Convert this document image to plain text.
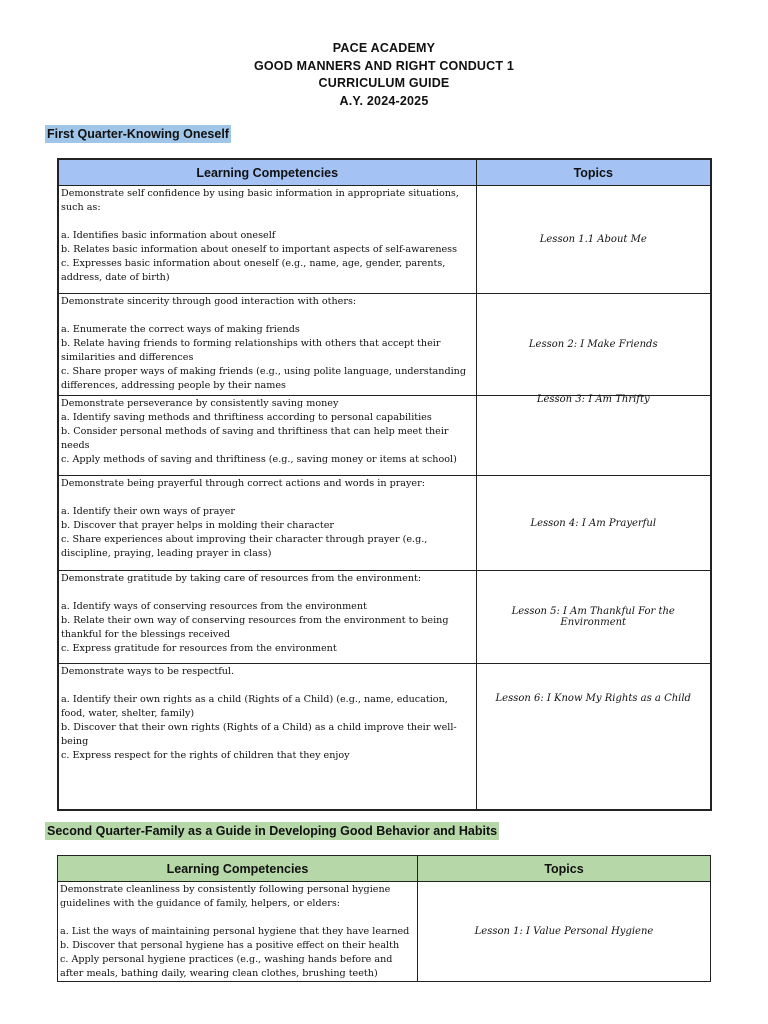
PACE ACADEMY
GOOD MANNERS AND RIGHT CONDUCT 1
CURRICULUM GUIDE
A.Y. 2024-2025
First Quarter-Knowing Oneself
Learning Competencies	Topics

Demonstrate self confidence by using basic information in appropriate situations, such as:
a. Identifies basic information about oneself
b. Relates basic information about oneself to important aspects of self-awareness
c. Expresses basic information about oneself (e.g., name, age, gender, parents, address, date of birth)	Lesson 1.1 About Me

Demonstrate sincerity through good interaction with others:
a. Enumerate the correct ways of making friends
b. Relate having friends to forming relationships with others that accept their similarities and differences
c. Share proper ways of making friends (e.g., using polite language, understanding differences, addressing people by their names	Lesson 2: I Make Friends

Demonstrate perseverance by consistently saving money
a. Identify saving methods and thriftiness according to personal capabilities
b. Consider personal methods of saving and thriftiness that can help meet their needs
c. Apply methods of saving and thriftiness (e.g., saving money or items at school)	Lesson 3: I Am Thrifty

Demonstrate being prayerful through correct actions and words in prayer:
a. Identify their own ways of prayer
b. Discover that prayer helps in molding their character
c. Share experiences about improving their character through prayer (e.g., discipline, praying, leading prayer in class)	Lesson 4: I Am Prayerful

Demonstrate gratitude by taking care of resources from the environment:
a. Identify ways of conserving resources from the environment
b. Relate their own way of conserving resources from the environment to being thankful for the blessings received
c. Express gratitude for resources from the environment	Lesson 5: I Am Thankful For the Environment

Demonstrate ways to be respectful.
a. Identify their own rights as a child (Rights of a Child) (e.g., name, education, food, water, shelter, family)
b. Discover that their own rights (Rights of a Child) as a child improve their well-being
c. Express respect for the rights of children that they enjoy	Lesson 6: I Know My Rights as a Child
Second Quarter-Family as a Guide in Developing Good Behavior and Habits
Learning Competencies	Topics

Demonstrate cleanliness by consistently following personal hygiene guidelines with the guidance of family, helpers, or elders:
a. List the ways of maintaining personal hygiene that they have learned
b. Discover that personal hygiene has a positive effect on their health
c. Apply personal hygiene practices (e.g., washing hands before and after meals, bathing daily, wearing clean clothes, brushing teeth)	Lesson 1: I Value Personal Hygiene
